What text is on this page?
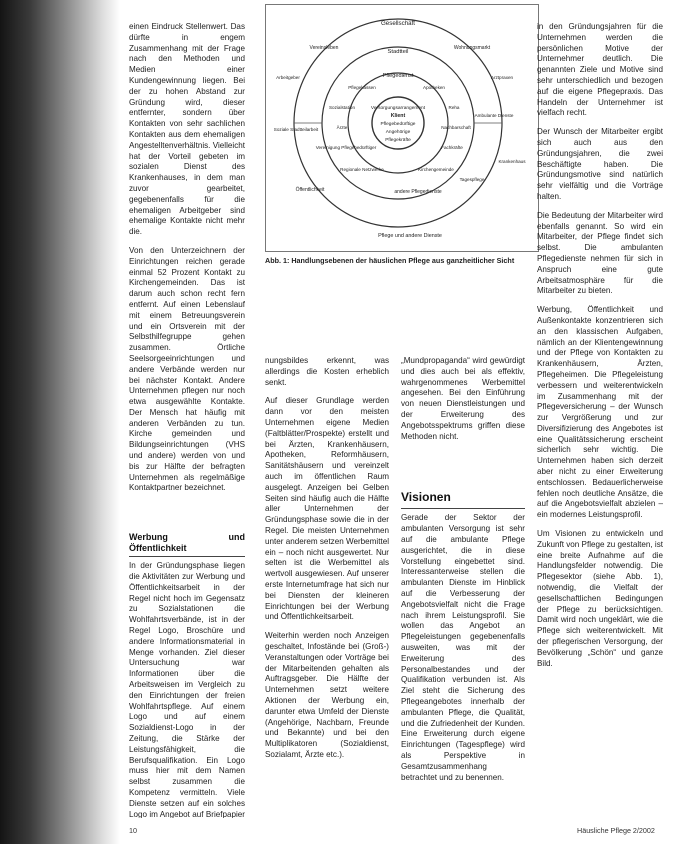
einen Eindruck Stellenwert. Das dürfte in engem Zusammenhang mit der Frage nach den Methoden und Medien einer Kundengewinnung liegen. Bei der zu hohen Abstand zur Gründung wird, dieser entfernter, sondern über Kontakten von sehr sachlichen Kontakten aus dem ehemaligen Angestelltenverhältnis. Vielleicht hat der Vorteil gebeten im sozialen Dienst des Krankenhauses, in dem man zuvor gearbeitet, gegebenenfalls für die ehemaligen Arbeitgeber sind ehemalige Kontakte nicht mehr die.

Von den Unterzeichnern der Einrichtungen reichen gerade einmal 52 Prozent Kontakt zu Kirchengemeinden. Das ist darum auch schon recht fern entfernt. Auf einen Lebenslauf mit einem Betreuungsverein und ein Ortsverein mit der Selbsthilfegruppe gehen zusammen. Örtliche Seelsorgeeinrichtungen und andere Verbände werden nur bei nächster Kontakt. Andere Unternehmen pflegen nur noch etwa ausgewählte Kontakte. Der Mensch hat häufig mit anderen Verbänden zu tun. Kirche gemeinden und Bildungseinrichtungen (VHS und andere) werden von und bis zur Hälfte der befragten Unternehmen als regelmäßige Kontaktpartner bezeichnet.

Werbung und Öffentlichkeit

In der Gründungsphase liegen die Aktivitäten zur Werbung und Öffentlichkeitsarbeit in der Regel nicht hoch im Gegensatz zu Sozialstationen die Wohlfahrtsverbände, ist in der Regel Logo, Broschüre und andere Informationsmaterial in Menge vorhanden. Ziel dieser Untersuchung war Informationen über die Arbeitsweisen im Vergleich zu den Einrichtungen der freien Wohlfahrtspflege. Auf einem Logo und auf einem Sozialdienst-Logo in der Zeitung, die Stärke der Leistungsfähigkeit, die Berufsqualifikation. Ein Logo muss hier mit dem Namen selbst zusammen die Kompetenz vermitteln. Viele Dienste setzen auf ein solches Logo im Angebot auf Briefpapier

Gesellschaft
Stadtteil
Pflegedienst
Versorgungsarrangement
Klient
Pflegebedürftige
Angehörige
Pflegekräfte
Vereinsleben
Arbeitgeber
Soziale Stadtteilarbeit
Öffentlichkeit
Wohnungsmarkt
Arztpraxen
Ambulante Dienste
Krankenhaus
Tagespflege
Pflegekassen
Sozialstation
Ärzte
Vereinigung Pflegebedürftiger
Regionale Netzwerke
Apotheken
Reha
Nachbarschaft
Fachkräfte
Kirchengemeinde
andere Pflegedienste
Pflege und andere Dienste
Abb. 1: Handlungsebenen der häuslichen Pflege aus ganzheitlicher Sicht

nungsbildes erkennt, was allerdings die Kosten erheblich senkt.

Auf dieser Grundlage werden dann vor den meisten Unternehmen eigene Medien (Faltblätter/Prospekte) erstellt und bei Ärzten, Krankenhäusern, Apotheken, Reformhäusern, Sanitätshäusern und vereinzelt auch im öffentlichen Raum ausgelegt. Anzeigen bei Gelben Seiten sind häufig auch die Hälfte aller Unternehmen der Gründungsphase sowie die in der Regel. Die meisten Unternehmen unter anderem setzen Werbemittel ein – noch nicht ausgewertet. Nur selten ist die Werbemittel als wertvoll ausgewiesen. Auf unserer erste Internetumfrage hat sich nur bei Diensten der kleineren Einrichtungen bei der Werbung und Öffentlichkeitsarbeit.

Weiterhin werden noch Anzeigen geschaltet, Infostände bei (Groß-) Veranstaltungen oder Vorträge bei der Mitarbeitenden gehalten als Auftragsgeber. Die Hälfte der Unternehmen setzt weitere Aktionen der Werbung ein, darunter etwa Umfeld der Dienste (Angehörige, Nachbarn, Freunde und Bekannte) und bei den Multiplikatoren (Sozialdienst, Sozialamt, Ärzte etc.).

„Mundpropaganda“ wird gewürdigt und dies auch bei als effektiv, wahrgenommenes Werbemittel angesehen. Bei den Einführung von neuen Dienstleistungen und der Erweiterung des Angebotsspektrums griffen diese Methoden nicht.

Visionen

Gerade der Sektor der ambulanten Versorgung ist sehr auf die ambulante Pflege ausgerichtet, die in diese Vorstellung eingebettet sind. Interessanterweise stellen die ambulanten Dienste im Hinblick auf die Verbesserung der Angebotsvielfalt nicht die Frage nach ihrem Leistungsprofil. Sie wollen das Angebot an Pflegeleistungen gegebenenfalls ausweiten, was mit der Erweiterung des Personalbestandes und der Qualifikation verbunden ist. Als Ziel steht die Sicherung des Pflegeangebotes innerhalb der ambulanten Pflege, die Qualität, und die Zufriedenheit der Kunden. Eine Erweiterung durch eigene Einrichtungen (Tagespflege) wird als Perspektive in Gesamtzusammenhang betrachtet und zu benennen.

in den Gründungsjahren für die Unternehmen werden die persönlichen Motive der Unternehmer deutlich. Die genannten Ziele und Motive sind sehr unterschiedlich und bezogen auf die eigene Pflegepraxis. Das Handeln der Unternehmer ist vielfach recht.

Der Wunsch der Mitarbeiter ergibt sich auch aus den Gründungsjahren, die zwei Beschäftigte haben. Die Gründungsmotive sind natürlich sehr vielfältig und die Vorträge halten.

Die Bedeutung der Mitarbeiter wird ebenfalls genannt. So wird ein Mitarbeiter, der Pflege findet sich selbst. Die ambulanten Pflegedienste nehmen für sich in Anspruch eine gute Arbeitsatmosphäre für die Mitarbeiter zu bieten.

Werbung, Öffentlichkeit und Außenkontakte konzentrieren sich an den klassischen Aufgaben, nämlich an der Klientengewinnung und der Pflege von Kontakten zu Krankenhäusern, Ärzten, Pflegeheimen. Die Pflegeleistung verbessern und weiterentwickeln im Zusammenhang mit der Pflegeversicherung – der Wunsch zur Vergrößerung und zur Diversifizierung des Angebotes ist eine Qualitätssicherung erscheint sicherlich sehr wichtig. Die Unternehmen haben sich derzeit aber nicht zu einer Erweiterung entschlossen. Bedauerlicherweise fehlen noch deutliche Ansätze, die auf die Angebotsvielfalt abzielen – ein modernes Leistungsprofil.

Um Visionen zu entwickeln und Zukunft von Pflege zu gestalten, ist eine breite Aufnahme auf die Handlungsfelder notwendig. Die Pflegesektor (siehe Abb. 1), notwendig, die Vielfalt der gesellschaftlichen Bedingungen der Pflege zu berücksichtigen. Damit wird noch ungeklärt, wie die Pflege sich weiterentwickelt. Mit der pflegerischen Versorgung, der Bevölkerung „Schön“ und ganze Bild.

10	Häusliche Pflege 2/2002
